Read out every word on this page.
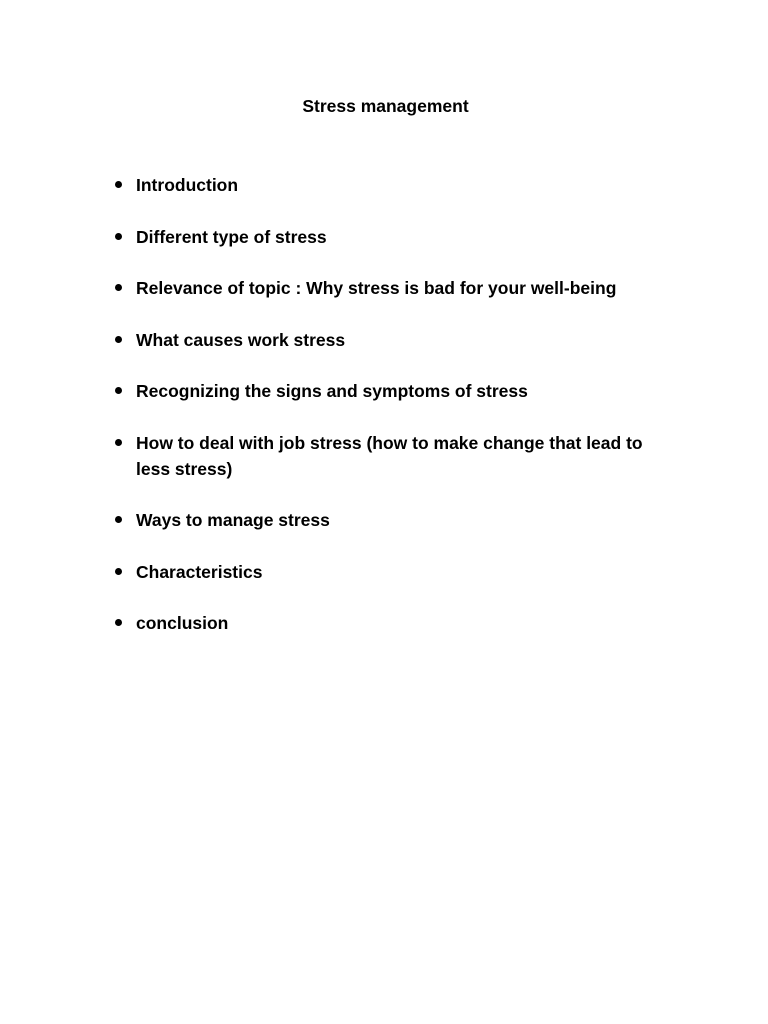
Stress management
Introduction
Different type of stress
Relevance of topic : Why stress is bad for your well-being
What causes work stress
Recognizing the signs and symptoms of stress
How to deal with job stress (how to make change that lead to less stress)
Ways to manage stress
Characteristics
conclusion
